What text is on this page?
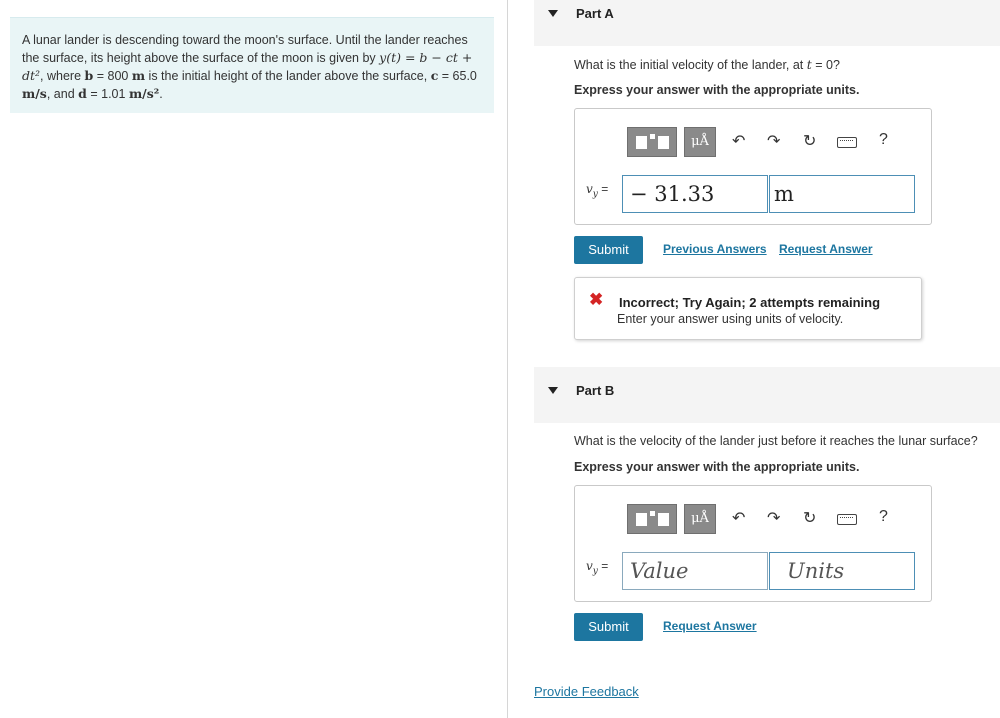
A lunar lander is descending toward the moon's surface. Until the lander reaches the surface, its height above the surface of the moon is given by y(t) = b − ct + dt², where b = 800 m is the initial height of the lander above the surface, c = 65.0 m/s, and d = 1.01 m/s².

Part A
What is the initial velocity of the lander, at t = 0?
Express your answer with the appropriate units.
μÅ	↶ ↷ ↻	?
$v_y$ =	− 31.33	m
Submit	Previous Answers Request Answer
✖ Incorrect; Try Again; 2 attempts remaining
Enter your answer using units of velocity.
Part B
What is the velocity of the lander just before it reaches the lunar surface?
Express your answer with the appropriate units.
μÅ	↶ ↷ ↻	?
$v_y$ =	Value	Units
Submit	Request Answer
Provide Feedback
